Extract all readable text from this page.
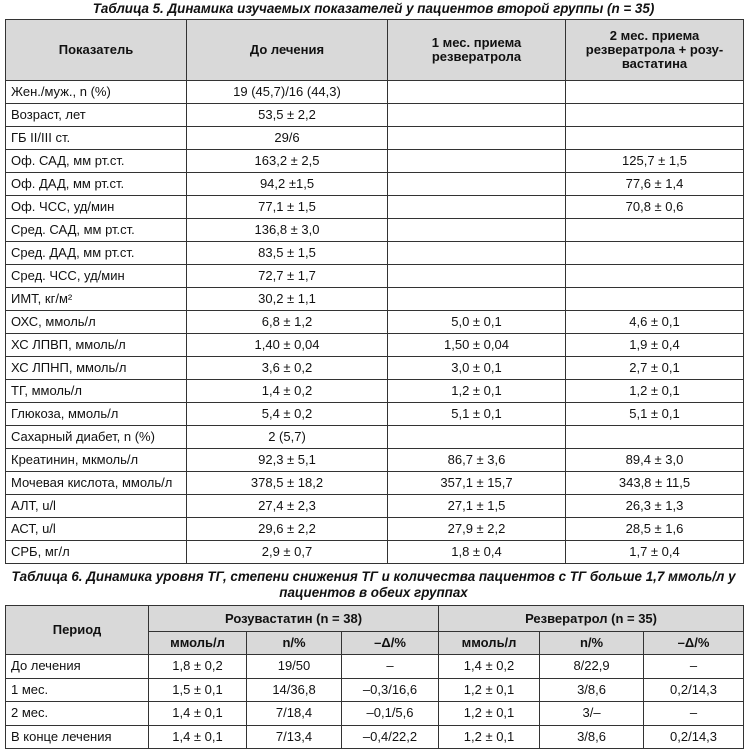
Таблица 5. Динамика изучаемых показателей у пациентов второй группы (n = 35)
Показатель	До лечения	1 мес. приема резвератрола	2 мес. приема резвератрола + розу-вастатина
Жен./муж., n (%)	19 (45,7)/16 (44,3)		
Возраст, лет	53,5 ± 2,2		
ГБ II/III ст.	29/6		
Оф. САД, мм рт.ст.	163,2 ± 2,5		125,7 ± 1,5
Оф. ДАД, мм рт.ст.	94,2 ±1,5		77,6 ± 1,4
Оф. ЧСС, уд/мин	77,1 ± 1,5		70,8 ± 0,6
Сред. САД, мм рт.ст.	136,8 ± 3,0		
Сред. ДАД, мм рт.ст.	83,5 ± 1,5		
Сред. ЧСС, уд/мин	72,7 ± 1,7		
ИМТ, кг/м²	30,2 ± 1,1		
ОХС, ммоль/л	6,8 ± 1,2	5,0 ± 0,1	4,6 ± 0,1
ХС ЛПВП, ммоль/л	1,40 ± 0,04	1,50 ± 0,04	1,9 ± 0,4
ХС ЛПНП, ммоль/л	3,6 ± 0,2	3,0 ± 0,1	2,7 ± 0,1
ТГ, ммоль/л	1,4 ± 0,2	1,2 ± 0,1	1,2 ± 0,1
Глюкоза, ммоль/л	5,4 ± 0,2	5,1 ± 0,1	5,1 ± 0,1
Сахарный диабет, n (%)	2 (5,7)		
Креатинин, мкмоль/л	92,3 ± 5,1	86,7 ± 3,6	89,4 ± 3,0
Мочевая кислота, ммоль/л	378,5 ± 18,2	357,1 ± 15,7	343,8 ± 11,5
АЛТ, u/l	27,4 ± 2,3	27,1 ± 1,5	26,3 ± 1,3
АСТ, u/l	29,6 ± 2,2	27,9 ± 2,2	28,5 ± 1,6
СРБ, мг/л	2,9 ± 0,7	1,8 ± 0,4	1,7 ± 0,4
Таблица 6. Динамика уровня ТГ, степени снижения ТГ и количества пациентов с ТГ больше 1,7 ммоль/л у пациентов в обеих группах
Период	Розувастатин (n = 38)			Резвератрол (n = 35)		
	ммоль/л	n/%	–Δ/%	ммоль/л	n/%	–Δ/%
До лечения	1,8 ± 0,2	19/50	–	1,4 ± 0,2	8/22,9	–
1 мес.	1,5 ± 0,1	14/36,8	–0,3/16,6	1,2 ± 0,1	3/8,6	0,2/14,3
2 мес.	1,4 ± 0,1	7/18,4	–0,1/5,6	1,2 ± 0,1	3/–	–
В конце лечения	1,4 ± 0,1	7/13,4	–0,4/22,2	1,2 ± 0,1	3/8,6	0,2/14,3
